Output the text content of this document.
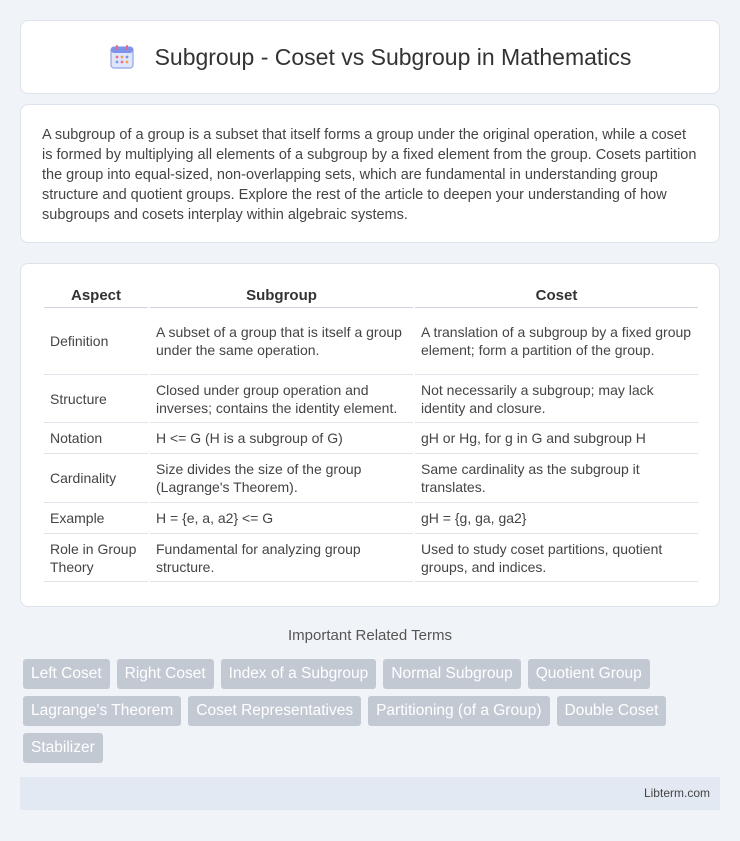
Subgroup - Coset vs Subgroup in Mathematics

A subgroup of a group is a subset that itself forms a group under the original operation, while a coset is formed by multiplying all elements of a subgroup by a fixed element from the group. Cosets partition the group into equal-sized, non-overlapping sets, which are fundamental in understanding group structure and quotient groups. Explore the rest of the article to deepen your understanding of how subgroups and cosets interplay within algebraic systems.

Aspect	Subgroup	Coset
Definition	A subset of a group that is itself a group under the same operation.	A translation of a subgroup by a fixed group element; form a partition of the group.
Structure	Closed under group operation and inverses; contains the identity element.	Not necessarily a subgroup; may lack identity and closure.
Notation	H <= G (H is a subgroup of G)	gH or Hg, for g in G and subgroup H
Cardinality	Size divides the size of the group (Lagrange's Theorem).	Same cardinality as the subgroup it translates.
Example	H = {e, a, a2} <= G	gH = {g, ga, ga2}
Role in Group Theory	Fundamental for analyzing group structure.	Used to study coset partitions, quotient groups, and indices.
Important Related Terms
Left Coset	Right Coset	Index of a Subgroup	Normal Subgroup	Quotient Group
Lagrange's Theorem	Coset Representatives	Partitioning (of a Group)	Double Coset
Stabilizer
Libterm.com
